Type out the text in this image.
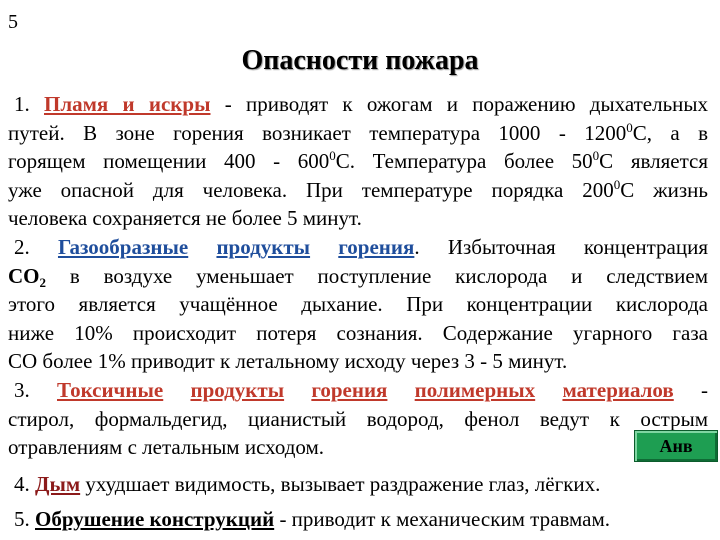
5
Опасности пожара
1. Пламя и искры - приводят к ожогам и поражению дыхательных
путей. В зоне горения возникает температура 1000 - 1200$^0$С, а в
горящем помещении $400 - 600^0С$. Температура более $50^0С$ является
уже опасной для человека. При температуре порядка $200^0С$ жизнь
человека сохраняется не более 5 минут.
2. Газообразные продукты горения. Избыточная концентрация
$СО_2$ в воздухе уменьшает поступление кислорода и следствием
этого является учащённое дыхание. При концентрации кислорода
ниже 10% происходит потеря сознания. Содержание угарного газа
СО более 1% приводит к летальному исходу через 3 - 5 минут.
3. Токсичные продукты горения полимерных материалов -
стирол, формальдегид, цианистый водород, фенол ведут к острым
отравлениям с летальным исходом.	Анв
4. Дым ухудшает видимость, вызывает раздражение глаз, лёгких.
5. Обрушение конструкций - приводит к механическим травмам.
